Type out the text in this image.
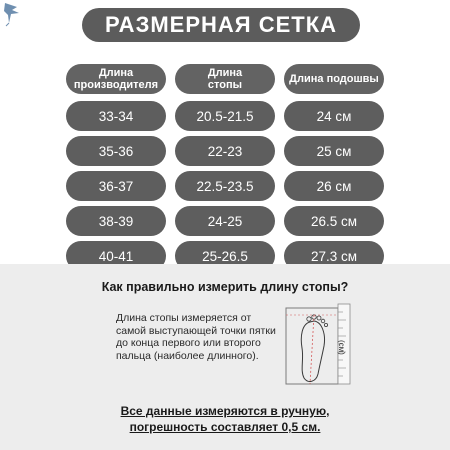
РАЗМЕРНАЯ СЕТКА
Длина
производителя
33-34
35-36
36-37
38-39
40-41
Длина
стопы
20.5-21.5
22-23
22.5-23.5
24-25
25-26.5
Длина подошвы
24 см
25 см
26 см
26.5 см
27.3 см
Как правильно измерить длину стопы?
Длина стопы измеряется от самой выступающей точки пятки до конца первого или второго пальца (наиболее длинного).
(см)
Все данные измеряются в ручную,
погрешность составляет 0,5 см.
